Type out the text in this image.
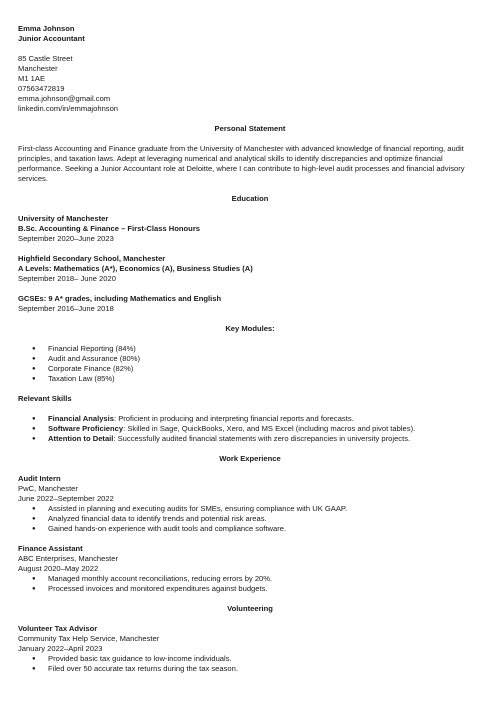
Emma Johnson
Junior Accountant
85 Castle Street
Manchester
M1 1AE
07563472819
emma.johnson@gmail.com
linkedin.com/in/emmajohnson

Personal Statement

First-class Accounting and Finance graduate from the University of Manchester with advanced knowledge of financial reporting, audit principles, and taxation laws. Adept at leveraging numerical and analytical skills to identify discrepancies and optimize financial performance. Seeking a Junior Accountant role at Deloitte, where I can contribute to high-level audit processes and financial advisory services.

Education

University of Manchester
B.Sc. Accounting & Finance – First-Class Honours
September 2020–June 2023
Highfield Secondary School, Manchester
A Levels: Mathematics (A*), Economics (A), Business Studies (A)
September 2018– June 2020
GCSEs: 9 A* grades, including Mathematics and English
September 2016–June 2018

Key Modules:

● Financial Reporting (84%)
● Audit and Assurance (80%)
● Corporate Finance (82%)
● Taxation Law (85%)
Relevant Skills
● Financial Analysis: Proficient in producing and interpreting financial reports and forecasts.
● Software Proficiency: Skilled in Sage, QuickBooks, Xero, and MS Excel (including macros and pivot tables).
● Attention to Detail: Successfully audited financial statements with zero discrepancies in university projects.

Work Experience

Audit Intern
PwC, Manchester
June 2022–September 2022
● Assisted in planning and executing audits for SMEs, ensuring compliance with UK GAAP.
● Analyzed financial data to identify trends and potential risk areas.
● Gained hands-on experience with audit tools and compliance software.
Finance Assistant
ABC Enterprises, Manchester
August 2020–May 2022
● Managed monthly account reconciliations, reducing errors by 20%.
● Processed invoices and monitored expenditures against budgets.

Volunteering

Volunteer Tax Advisor
Community Tax Help Service, Manchester
January 2022–April 2023
● Provided basic tax guidance to low-income individuals.
● Filed over 50 accurate tax returns during the tax season.
